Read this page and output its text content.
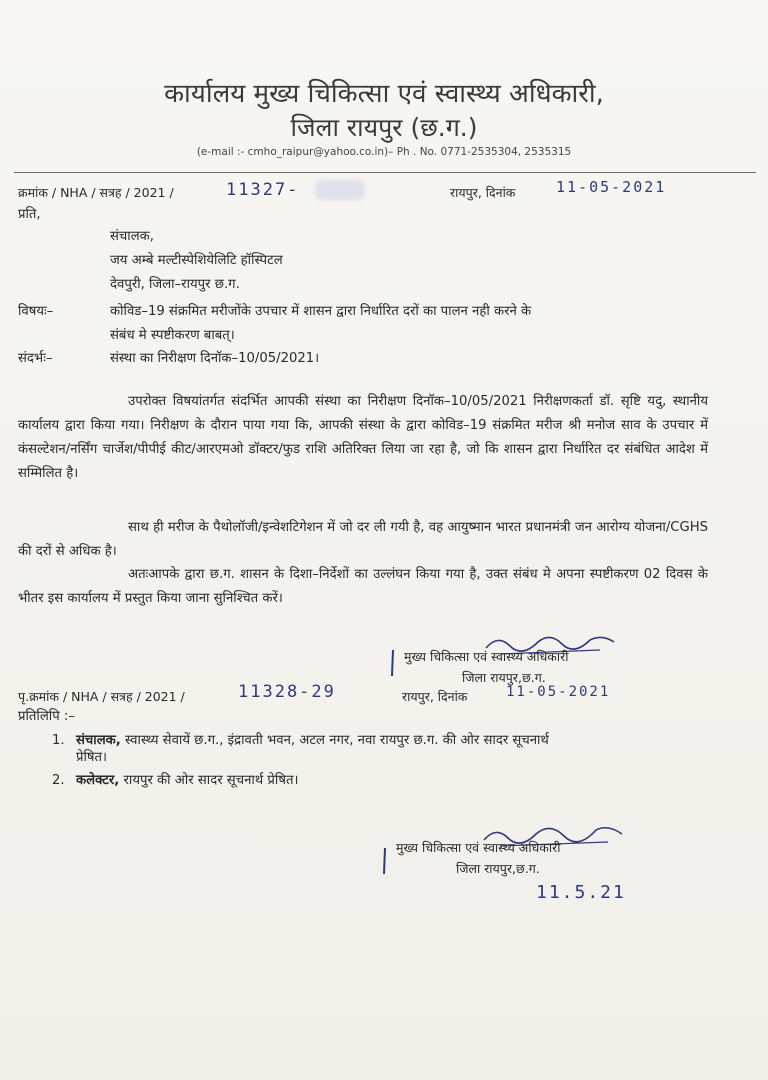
कार्यालय मुख्य चिकित्सा एवं स्वास्थ्य अधिकारी,
जिला रायपुर (छ.ग.)
(e-mail :- cmho_raipur@yahoo.co.in)– Ph . No. 0771-2535304, 2535315
क्रमांक / NHA / सत्रह / 2021 /	11327-	रायपुर, दिनांक	11-05-2021
प्रति,
संचालक,
जय अम्बे मल्टीस्पेशियेलिटि हॉस्पिटल
देवपुरी, जिला–रायपुर छ.ग.
विषयः–	कोविड–19 संक्रमित मरीजोंके उपचार में शासन द्वारा निर्धारित दरों का पालन नही करने के
संबंध मे स्पष्टीकरण बाबत्।
संदर्भः–	संस्था का निरीक्षण दिनॉक–10/05/2021।
उपरोक्त विषयांतर्गत संदर्भित आपकी संस्था का निरीक्षण दिनॉक–10/05/2021 निरीक्षणकर्ता डॉ. सृष्टि यदु, स्थानीय कार्यालय द्वारा किया गया। निरीक्षण के दौरान पाया गया कि, आपकी संस्था के द्वारा कोविड–19 संक्रमित मरीज श्री मनोज साव के उपचार में कंसल्टेशन/नर्सिंग चार्जेश/पीपीई कीट/आरएमओ डॉक्टर/फुड राशि अतिरिक्त लिया जा रहा है, जो कि शासन द्वारा निर्धारित दर संबंधित आदेश में सम्मिलित है।
साथ ही मरीज के पैथोलॉजी/इन्वेशटिगेशन में जो दर ली गयी है, वह आयुष्मान भारत प्रधानमंत्री जन आरोग्य योजना/CGHS की दरों से अधिक है।
अतःआपके द्वारा छ.ग. शासन के दिशा–निर्देशों का उल्लंघन किया गया है, उक्त संबंध मे अपना स्पष्टीकरण 02 दिवस के भीतर इस कार्यालय में प्रस्तुत किया जाना सुनिश्चित करें।
मुख्य चिकित्सा एवं स्वास्थ्य अधिकारी
जिला रायपुर,छ.ग.
पृ.क्रमांक / NHA / सत्रह / 2021 /	11328-29	रायपुर, दिनांक	11-05-2021
प्रतिलिपि :–
1. संचालक, स्वास्थ्य सेवायें छ.ग., इंद्रावती भवन, अटल नगर, नवा रायपुर छ.ग. की ओर सादर सूचनार्थ
प्रेषित।
2. कलेक्टर, रायपुर की ओर सादर सूचनार्थ प्रेषित।
मुख्य चिकित्सा एवं स्वास्थ्य अधिकारी
जिला रायपुर,छ.ग.
11.5.21
